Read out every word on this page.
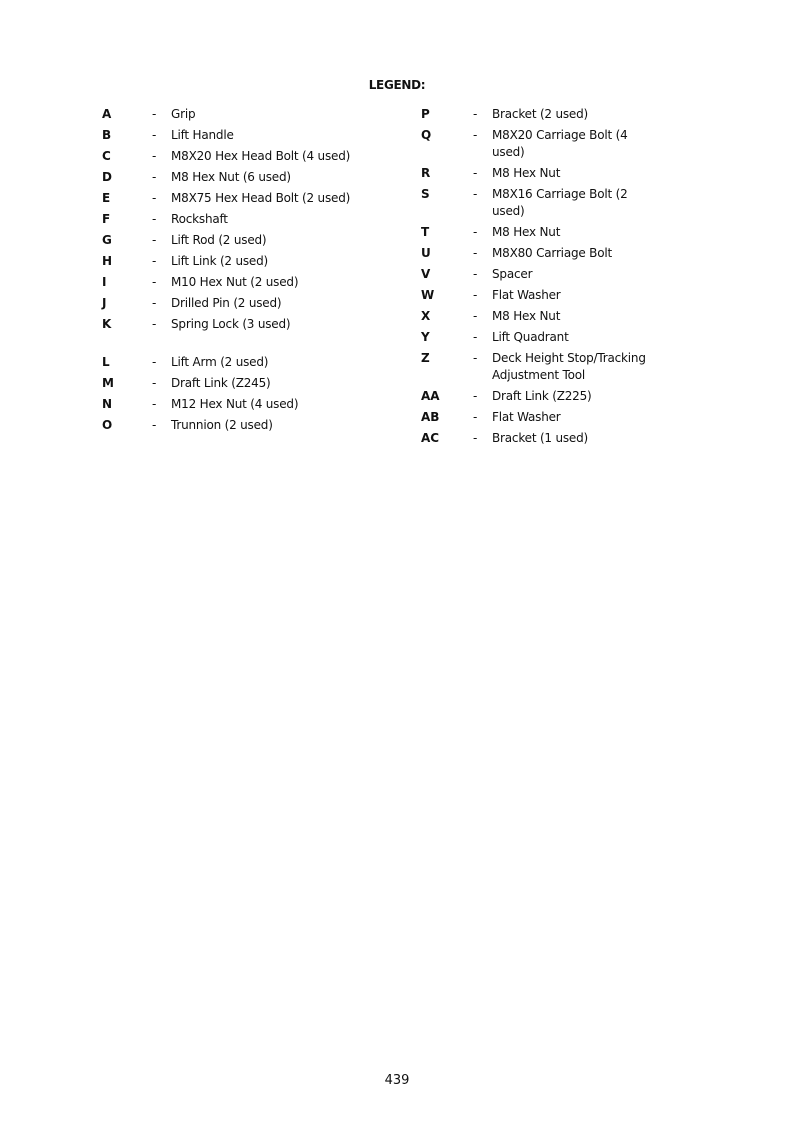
LEGEND:
A	-	Grip
B	-	Lift Handle
C	-	M8X20 Hex Head Bolt (4 used)
D	-	M8 Hex Nut (6 used)
E	-	M8X75 Hex Head Bolt (2 used)
F	-	Rockshaft
G	-	Lift Rod (2 used)
H	-	Lift Link (2 used)
I	-	M10 Hex Nut (2 used)
J	-	Drilled Pin (2 used)
K	-	Spring Lock (3 used)
L	-	Lift Arm (2 used)
M	-	Draft Link (Z245)
N	-	M12 Hex Nut (4 used)
O	-	Trunnion (2 used)
P	-	Bracket (2 used)
Q	-	M8X20 Carriage Bolt (4 used)
R	-	M8 Hex Nut
S	-	M8X16 Carriage Bolt (2 used)
T	-	M8 Hex Nut
U	-	M8X80 Carriage Bolt
V	-	Spacer
W	-	Flat Washer
X	-	M8 Hex Nut
Y	-	Lift Quadrant
Z	-	Deck Height Stop/Tracking Adjustment Tool
AA	-	Draft Link (Z225)
AB	-	Flat Washer
AC	-	Bracket (1 used)
439
